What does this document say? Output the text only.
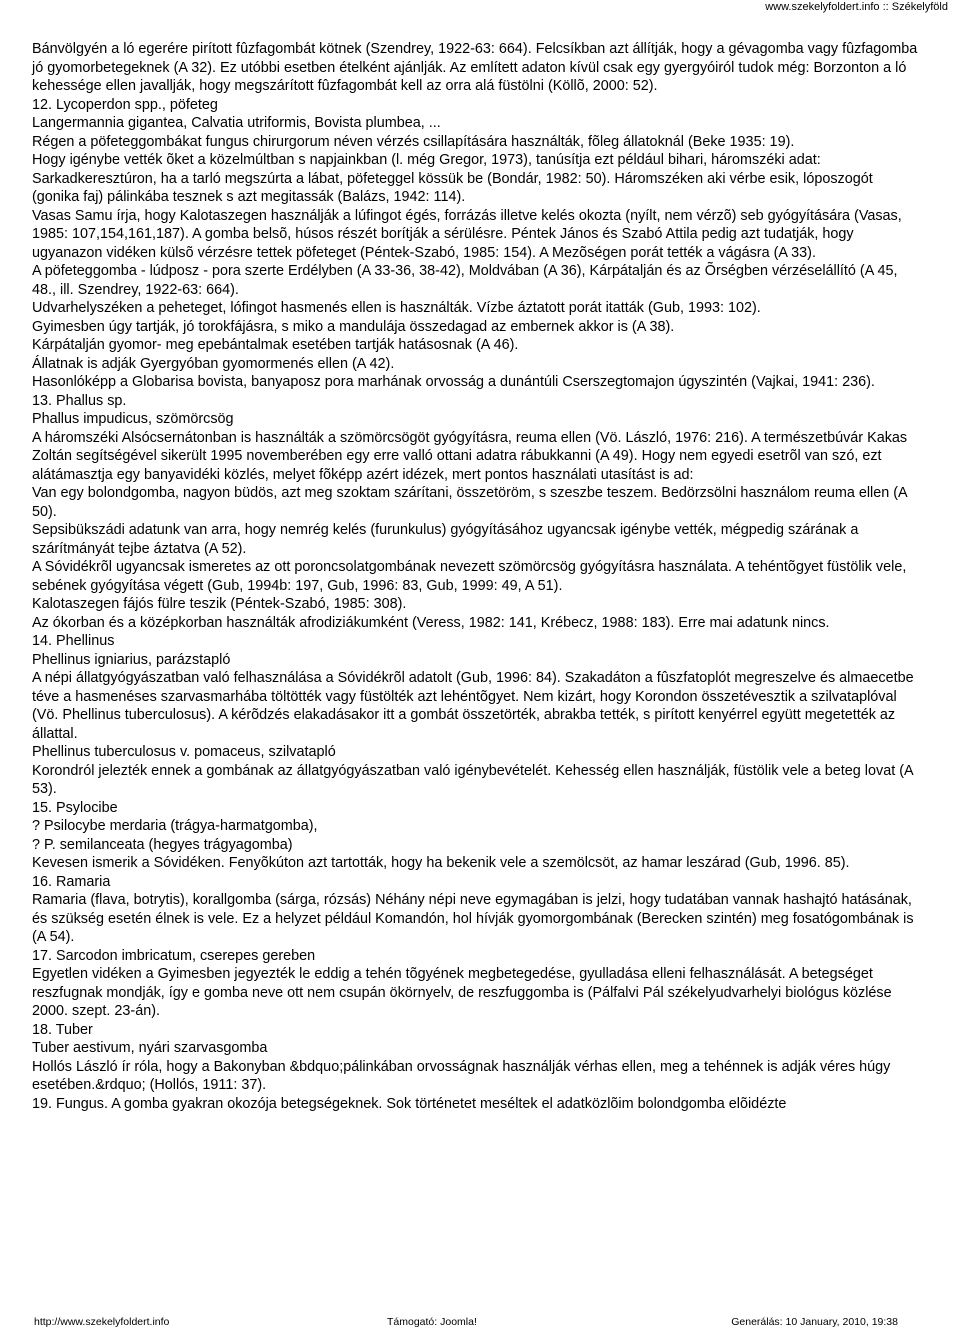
www.szekelyfoldert.info :: Székelyföld

Bánvölgyén a ló egerére pirított fûzfagombát kötnek (Szendrey, 1922-63: 664). Felcsíkban azt állítják, hogy a gévagomba vagy fûzfagomba jó gyomorbetegeknek (A 32). Ez utóbbi esetben ételként ajánlják. Az említett adaton kívül csak egy gyergyóiról tudok még: Borzonton a ló kehessége ellen javallják, hogy megszárított fûzfagombát kell az orra alá füstölni (Köllõ, 2000: 52).

12. Lycoperdon spp., pöfeteg

Langermannia gigantea, Calvatia utriformis, Bovista plumbea, ...

Régen a pöfeteggombákat fungus chirurgorum néven vérzés csillapítására használták, fõleg állatoknál (Beke 1935: 19).

Hogy igénybe vették õket a közelmúltban s napjainkban (l. még Gregor, 1973), tanúsítja ezt például bihari, háromszéki adat: Sarkadkeresztúron, ha a tarló megszúrta a lábat, pöfeteggel kössük be (Bondár, 1982: 50). Háromszéken aki vérbe esik, lóposzogót (gonika faj) pálinkába tesznek s azt megitassák (Balázs, 1942: 114).

Vasas Samu írja, hogy Kalotaszegen használják a lúfingot égés, forrázás illetve kelés okozta (nyílt, nem vérzõ) seb gyógyítására (Vasas, 1985: 107,154,161,187). A gomba belsõ, húsos részét borítják a sérülésre. Péntek János és Szabó Attila pedig azt tudatják, hogy ugyanazon vidéken külsõ vérzésre tettek pöfeteget (Péntek-Szabó, 1985: 154). A Mezõségen porát tették a vágásra (A 33).

A pöfeteggomba - lúdposz - pora szerte Erdélyben (A 33-36, 38-42), Moldvában (A 36), Kárpátalján és az Õrségben vérzéselállító (A 45, 48., ill. Szendrey, 1922-63: 664).

Udvarhelyszéken a peheteget, lófingot hasmenés ellen is használták. Vízbe áztatott porát itatták (Gub, 1993: 102).

Gyimesben úgy tartják, jó torokfájásra, s miko a mandulája összedagad az embernek akkor is (A 38).

Kárpátalján gyomor- meg epebántalmak esetében tartják hatásosnak (A 46).

Állatnak is adják Gyergyóban gyomormenés ellen (A 42).

Hasonlóképp a Globarisa bovista, banyaposz pora marhának orvosság a dunántúli Cserszegtomajon úgyszintén (Vajkai, 1941: 236).

13. Phallus sp.

Phallus impudicus, szömörcsög

A háromszéki Alsócsernátonban is használták a szömörcsögöt gyógyításra, reuma ellen (Vö. László, 1976: 216). A természetbúvár Kakas Zoltán segítségével sikerült 1995 novemberében egy erre valló ottani adatra rábukkanni (A 49). Hogy nem egyedi esetrõl van szó, ezt alátámasztja egy banyavidéki közlés, melyet fõképp azért idézek, mert pontos használati utasítást is ad:

Van egy bolondgomba, nagyon büdös, azt meg szoktam szárítani, összetöröm, s szeszbe teszem. Bedörzsölni használom reuma ellen (A 50).

Sepsibükszádi adatunk van arra, hogy nemrég kelés (furunkulus) gyógyításához ugyancsak igénybe vették, mégpedig szárának a szárítmányát tejbe áztatva (A 52).

A Sóvidékrõl ugyancsak ismeretes az ott poroncsolatgombának nevezett szömörcsög gyógyításra használata. A tehéntõgyet füstölik vele, sebének gyógyítása végett (Gub, 1994b: 197, Gub, 1996: 83, Gub, 1999: 49, A 51).

Kalotaszegen fájós fülre teszik (Péntek-Szabó, 1985: 308).

Az ókorban és a középkorban használták afrodiziákumként (Veress, 1982: 141, Krébecz, 1988: 183). Erre mai adatunk nincs.

14. Phellinus

Phellinus igniarius, parázstapló

A népi állatgyógyászatban való felhasználása a Sóvidékrõl adatolt (Gub, 1996: 84). Szakadáton a fûszfatoplót megreszelve és almaecetbe téve a hasmenéses szarvasmarhába töltötték vagy füstölték azt lehéntõgyet. Nem kizárt, hogy Korondon összetévesztik a szilvataplóval (Vö. Phellinus tuberculosus). A kérõdzés elakadásakor itt a gombát összetörték, abrakba tették, s pirított kenyérrel együtt megetették az állattal.

Phellinus tuberculosus v. pomaceus, szilvatapló

Korondról jelezték ennek a gombának az állatgyógyászatban való igénybevételét. Kehesség ellen használják, füstölik vele a beteg lovat (A 53).

15. Psylocibe

? Psilocybe merdaria (trágya-harmatgomba),

? P. semilanceata (hegyes trágyagomba)

Kevesen ismerik a Sóvidéken. Fenyõkúton azt tartották, hogy ha bekenik vele a szemölcsöt, az hamar leszárad (Gub, 1996. 85).

16. Ramaria

Ramaria (flava, botrytis), korallgomba (sárga, rózsás) Néhány népi neve egymagában is jelzi, hogy tudatában vannak hashajtó hatásának, és szükség esetén élnek is vele. Ez a helyzet például Komandón, hol hívják gyomorgombának (Berecken szintén) meg fosatógombának is (A 54).

17. Sarcodon imbricatum, cserepes gereben

Egyetlen vidéken a Gyimesben jegyezték le eddig a tehén tõgyének megbetegedése, gyulladása elleni felhasználását. A betegséget reszfugnak mondják, így e gomba neve ott nem csupán ökörnyelv, de reszfuggomba is (Pálfalvi Pál székelyudvarhelyi biológus közlése 2000. szept. 23-án).

18. Tuber

Tuber aestivum, nyári szarvasgomba

Hollós László ír róla, hogy a Bakonyban &bdquo;pálinkában orvosságnak használják vérhas ellen, meg a tehénnek is adják véres húgy esetében.&rdquo; (Hollós, 1911: 37).

19. Fungus. A gomba gyakran okozója betegségeknek. Sok történetet meséltek el adatközlõim bolondgomba elõidézte

http://www.szekelyfoldert.info	Támogató: Joomla!	Generálás: 10 January, 2010, 19:38
